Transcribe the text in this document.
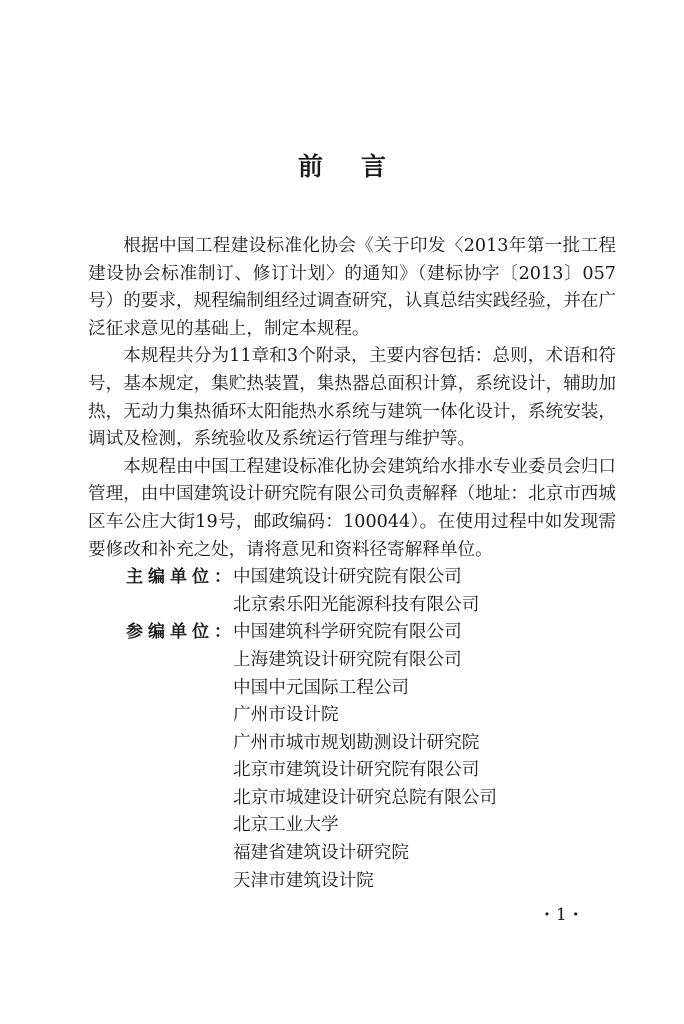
前言

根据中国工程建设标准化协会《关于印发〈2013年第一批工程建设协会标准制订、修订计划〉的通知》（建标协字〔2013〕057号）的要求，规程编制组经过调查研究，认真总结实践经验，并在广泛征求意见的基础上，制定本规程。

本规程共分为11章和3个附录，主要内容包括：总则，术语和符号，基本规定，集贮热装置，集热器总面积计算，系统设计，辅助加热，无动力集热循环太阳能热水系统与建筑一体化设计，系统安装，调试及检测，系统验收及系统运行管理与维护等。

本规程由中国工程建设标准化协会建筑给水排水专业委员会归口管理，由中国建筑设计研究院有限公司负责解释（地址：北京市西城区车公庄大街19号，邮政编码：100044）。在使用过程中如发现需要修改和补充之处，请将意见和资料径寄解释单位。

主编单位：
中国建筑设计研究院有限公司
北京索乐阳光能源科技有限公司
参编单位：
中国建筑科学研究院有限公司
上海建筑设计研究院有限公司
中国中元国际工程公司
广州市设计院
广州市城市规划勘测设计研究院
北京市建筑设计研究院有限公司
北京市城建设计研究总院有限公司
北京工业大学
福建省建筑设计研究院
天津市建筑设计院
· 1 ·
